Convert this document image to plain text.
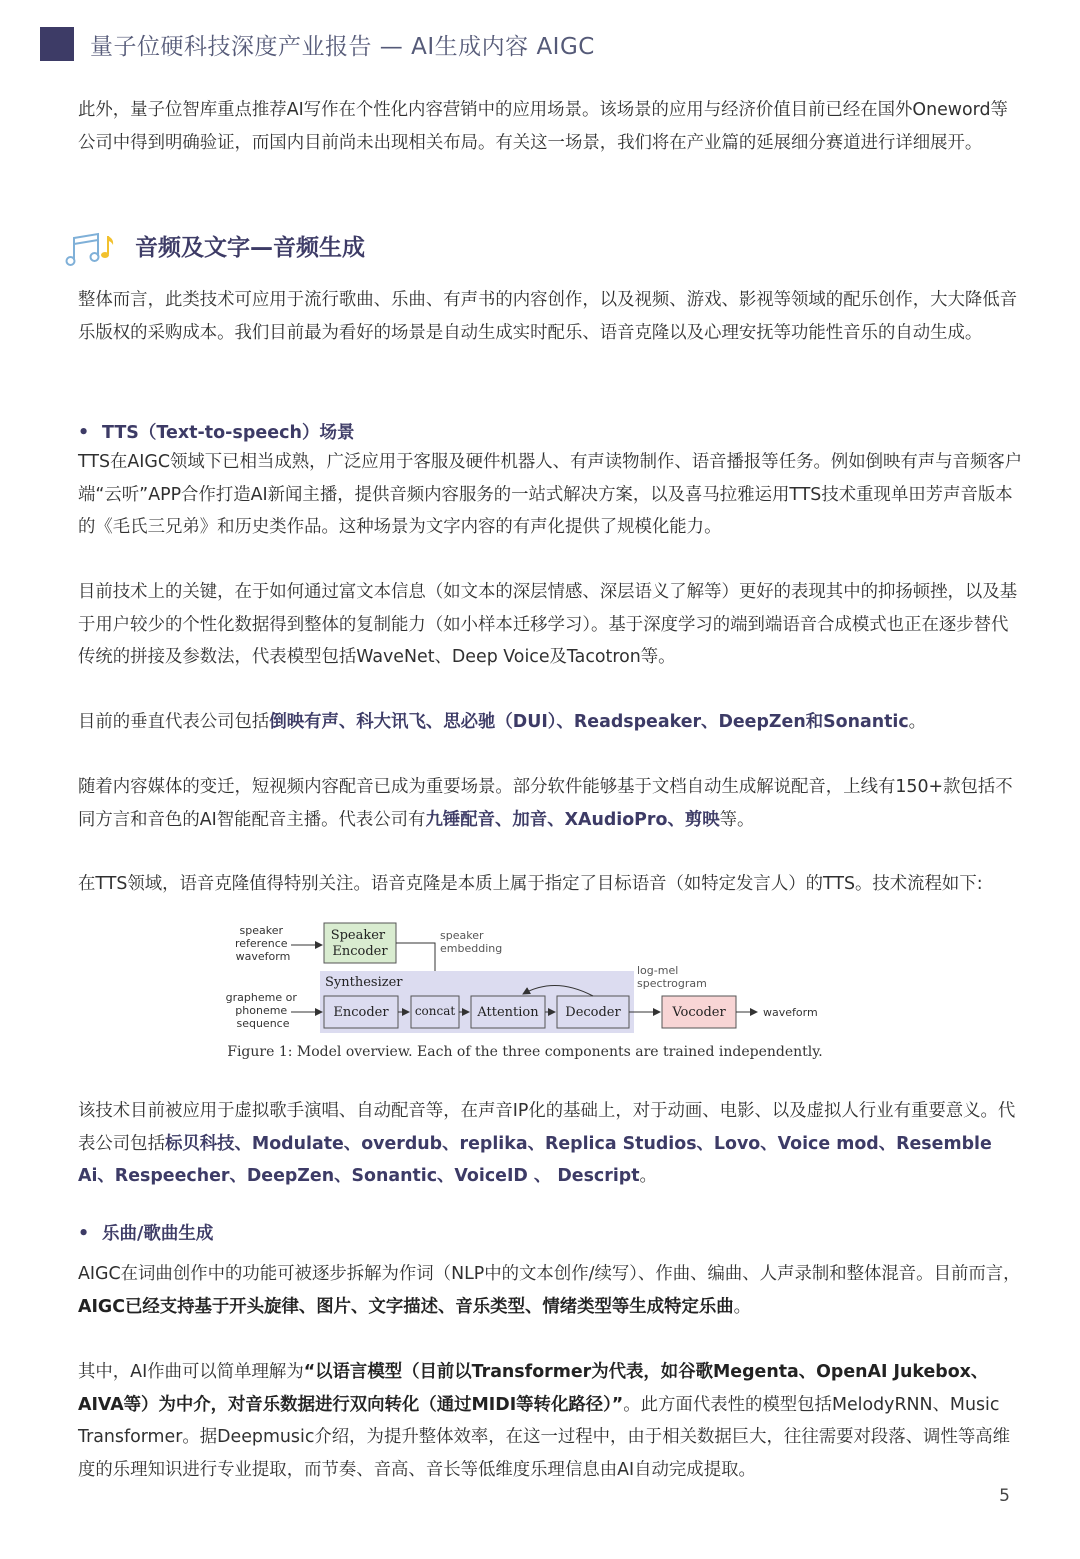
量子位硬科技深度产业报告 — AI生成内容 AIGC

此外，量子位智库重点推荐AI写作在个性化内容营销中的应用场景。该场景的应用与经济价值目前已经在国外Oneword等公司中得到明确验证，而国内目前尚未出现相关布局。有关这一场景，我们将在产业篇的延展细分赛道进行详细展开。

音频及文字—音频生成

整体而言，此类技术可应用于流行歌曲、乐曲、有声书的内容创作，以及视频、游戏、影视等领域的配乐创作，大大降低音乐版权的采购成本。我们目前最为看好的场景是自动生成实时配乐、语音克隆以及心理安抚等功能性音乐的自动生成。

• TTS（Text-to-speech）场景

TTS在AIGC领域下已相当成熟，广泛应用于客服及硬件机器人、有声读物制作、语音播报等任务。例如倒映有声与音频客户端“云听”APP合作打造AI新闻主播，提供音频内容服务的一站式解决方案，以及喜马拉雅运用TTS技术重现单田芳声音版本的《毛氏三兄弟》和历史类作品。这种场景为文字内容的有声化提供了规模化能力。

目前技术上的关键，在于如何通过富文本信息（如文本的深层情感、深层语义了解等）更好的表现其中的抑扬顿挫，以及基于用户较少的个性化数据得到整体的复制能力（如小样本迁移学习）。基于深度学习的端到端语音合成模式也正在逐步替代传统的拼接及参数法，代表模型包括WaveNet、Deep Voice及Tacotron等。

目前的垂直代表公司包括倒映有声、科大讯飞、思必驰（DUI）、Readspeaker、DeepZen和Sonantic。

随着内容媒体的变迁，短视频内容配音已成为重要场景。部分软件能够基于文档自动生成解说配音，上线有150+款包括不同方言和音色的AI智能配音主播。代表公司有九锤配音、加音、XAudioPro、剪映等。

在TTS领域，语音克隆值得特别关注。语音克隆是本质上属于指定了目标语音（如特定发言人）的TTS。技术流程如下:

speaker reference waveform
Speaker Encoder
speaker embedding
Synthesizer
grapheme or phoneme sequence
Encoder concat Attention Decoder
log-mel spectrogram
Vocoder	waveform
Figure 1: Model overview. Each of the three components are trained independently.

该技术目前被应用于虚拟歌手演唱、自动配音等，在声音IP化的基础上，对于动画、电影、以及虚拟人行业有重要意义。代表公司包括标贝科技、Modulate、overdub、replika、Replica Studios、Lovo、Voice mod、Resemble Ai、Respeecher、DeepZen、Sonantic、VoiceID 、 Descript。

• 乐曲/歌曲生成

AIGC在词曲创作中的功能可被逐步拆解为作词（NLP中的文本创作/续写）、作曲、编曲、人声录制和整体混音。目前而言，AIGC已经支持基于开头旋律、图片、文字描述、音乐类型、情绪类型等生成特定乐曲。

其中，AI作曲可以简单理解为“以语言模型（目前以Transformer为代表，如谷歌Megenta、OpenAI Jukebox、AIVA等）为中介，对音乐数据进行双向转化（通过MIDI等转化路径）”。此方面代表性的模型包括MelodyRNN、Music Transformer。据Deepmusic介绍，为提升整体效率，在这一过程中，由于相关数据巨大，往往需要对段落、调性等高维度的乐理知识进行专业提取，而节奏、音高、音长等低维度乐理信息由AI自动完成提取。

5
